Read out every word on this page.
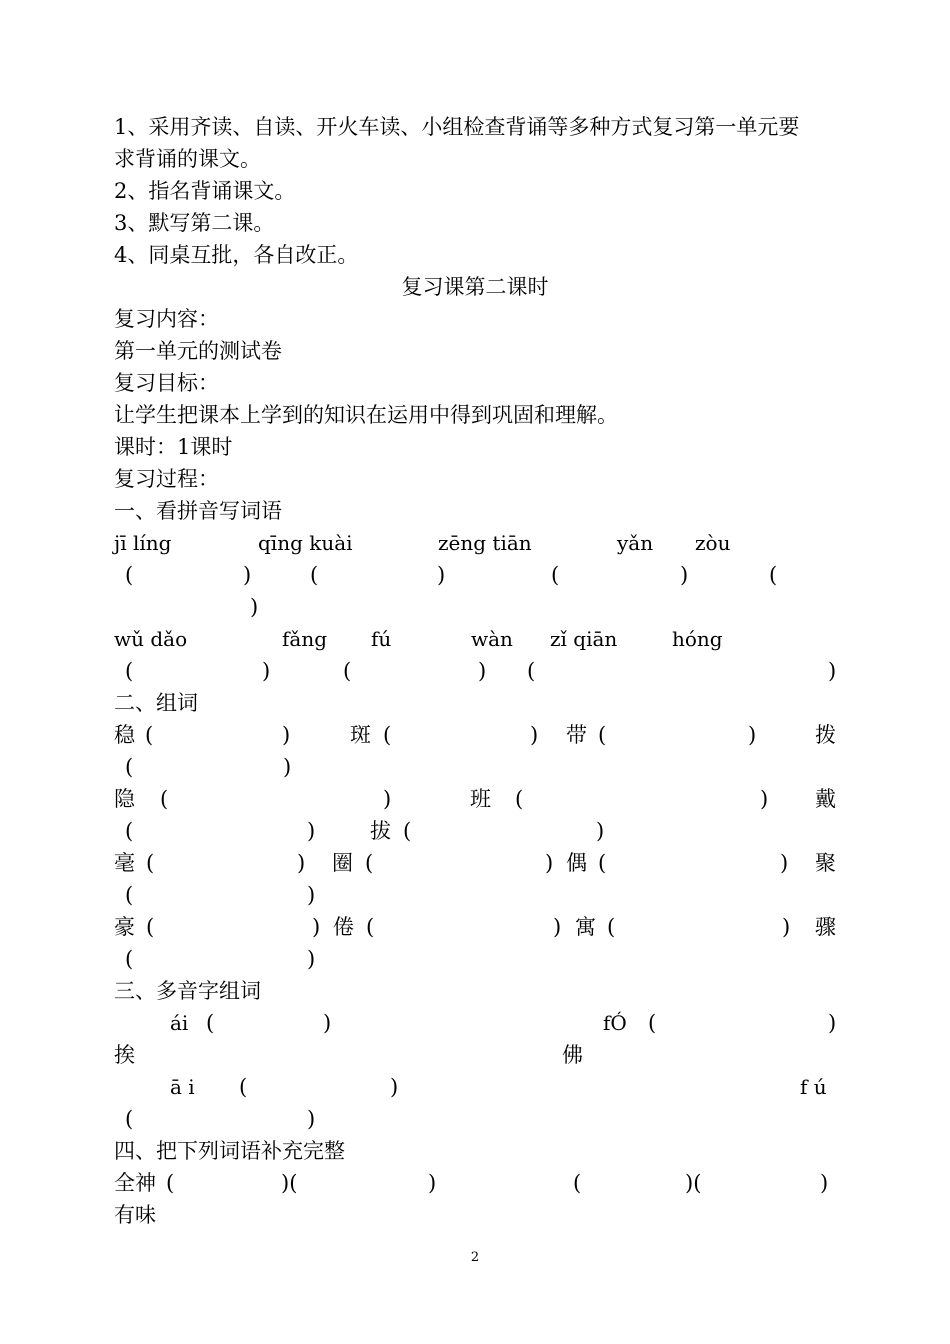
1、采用齐读、自读、开火车读、小组检查背诵等多种方式复习第一单元要
求背诵的课文。
2、指名背诵课文。
3、默写第二课。
4、同桌互批，各自改正。
复习课第二课时
复习内容：
第一单元的测试卷
复习目标：
让学生把课本上学到的知识在运用中得到巩固和理解。
课时：1课时
复习过程：
一、看拼音写词语
jī líng	qīng kuài	zēng tiān	yǎn zòu
(	)	(	)	(	)	(
)
wǔ dǎo	fǎng fú	wàn zǐ qiān	hóng
(	)	(	) (	)
二、组词
稳 (	)	斑 (	) 带 (	)	拨
(	)
隐 (	)	班 (	) 戴
(	)	拔 (	)
毫 (	) 圈 (	) 偶 (	) 聚
(	)
豪 (	) 倦 (	) 寓 (	) 骤
(	)
三、多音字组词
ái (	)	fÓ (	)
挨	佛
ā i (	)	f ú
(	)
四、把下列词语补充完整
全神 (	)(	)	(	)(	)
有味
2
